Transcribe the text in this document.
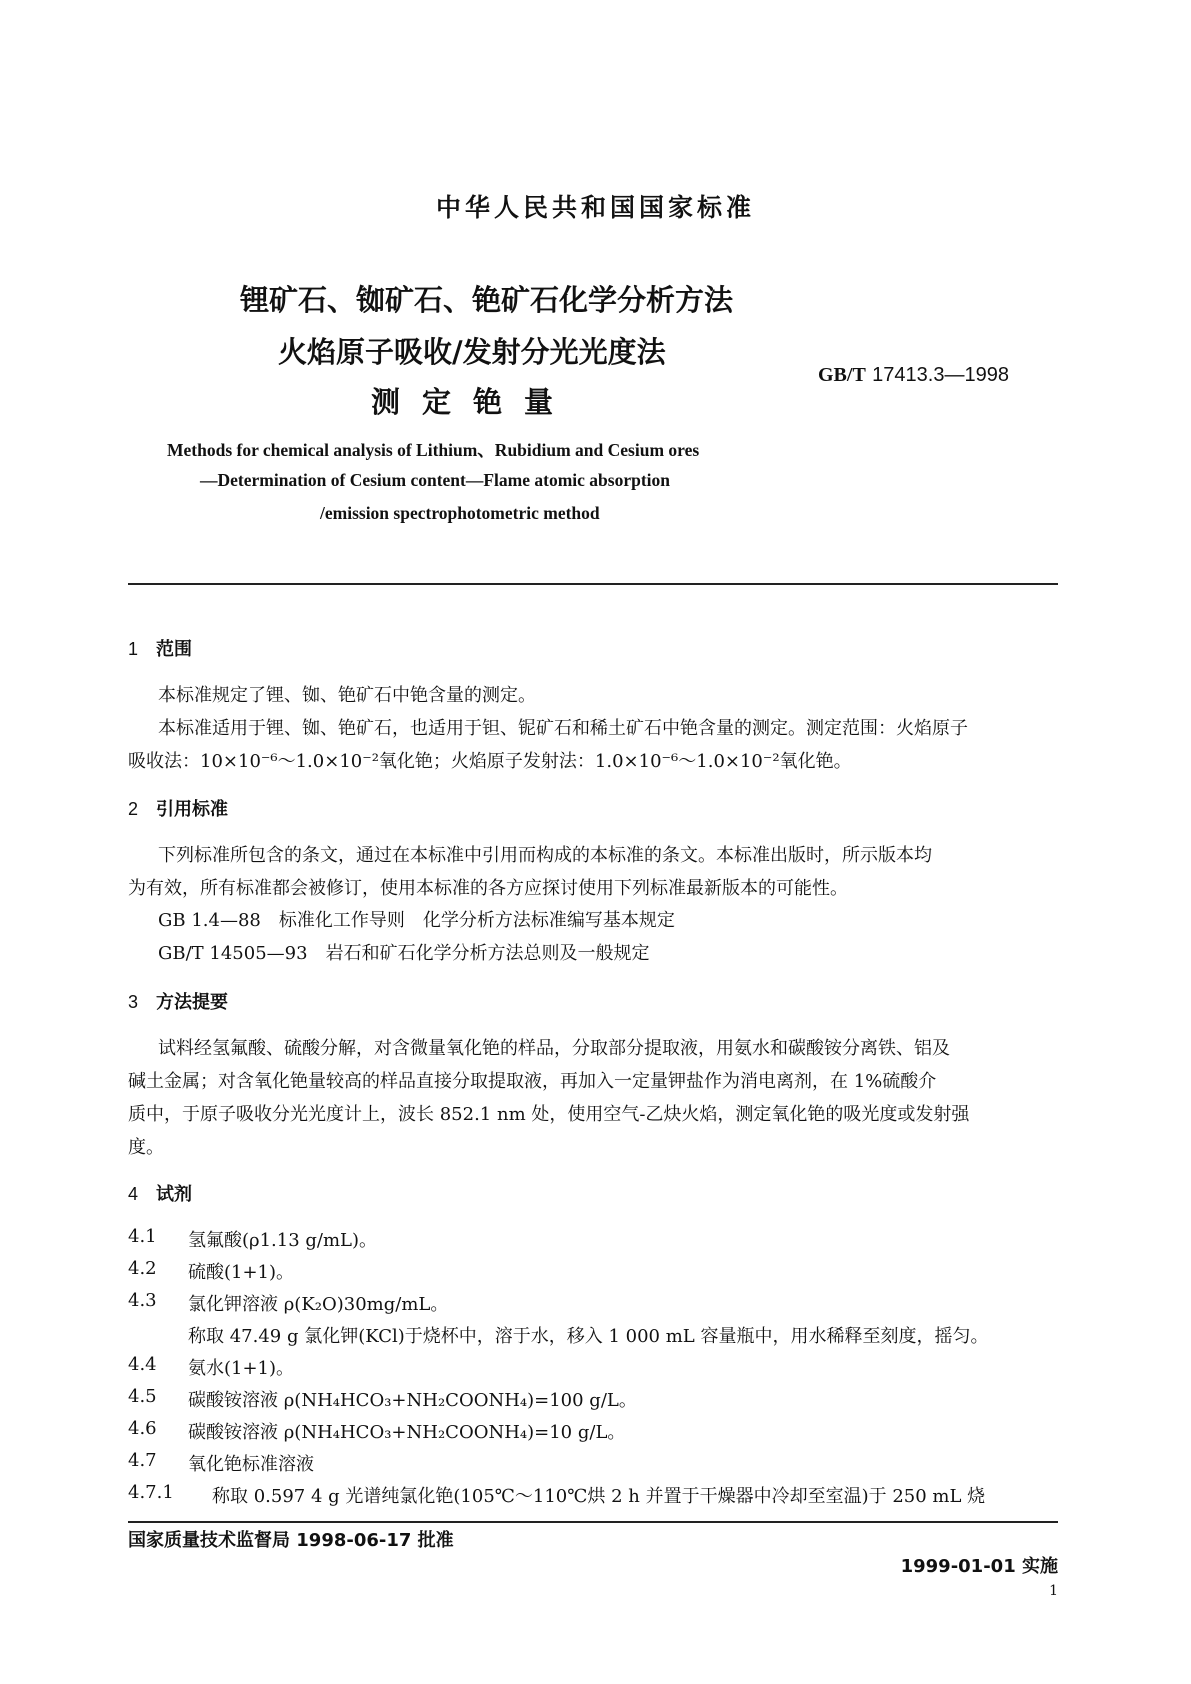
中华人民共和国国家标准
锂矿石、铷矿石、铯矿石化学分析方法
火焰原子吸收/发射分光光度法
测定铯量
GB/T 17413.3—1998
Methods for chemical analysis of Lithium、Rubidium and Cesium ores
—Determination of Cesium content—Flame atomic absorption
/emission spectrophotometric method
1 范围
本标准规定了锂、铷、铯矿石中铯含量的测定。
本标准适用于锂、铷、铯矿石，也适用于钽、铌矿石和稀土矿石中铯含量的测定。测定范围：火焰原子
吸收法：10×10⁻⁶～1.0×10⁻²氧化铯；火焰原子发射法：1.0×10⁻⁶～1.0×10⁻²氧化铯。
2 引用标准
下列标准所包含的条文，通过在本标准中引用而构成的本标准的条文。本标准出版时，所示版本均
为有效，所有标准都会被修订，使用本标准的各方应探讨使用下列标准最新版本的可能性。
GB 1.4—88　标准化工作导则　化学分析方法标准编写基本规定
GB/T 14505—93　岩石和矿石化学分析方法总则及一般规定
3 方法提要
试料经氢氟酸、硫酸分解，对含微量氧化铯的样品，分取部分提取液，用氨水和碳酸铵分离铁、铝及
碱土金属；对含氧化铯量较高的样品直接分取提取液，再加入一定量钾盐作为消电离剂，在 1%硫酸介
质中，于原子吸收分光光度计上，波长 852.1 nm 处，使用空气-乙炔火焰，测定氧化铯的吸光度或发射强
度。
4 试剂
4.1 氢氟酸(ρ1.13 g/mL)。
4.2 硫酸(1+1)。
4.3 氯化钾溶液 ρ(K₂O)30mg/mL。
称取 47.49 g 氯化钾(KCl)于烧杯中，溶于水，移入 1 000 mL 容量瓶中，用水稀释至刻度，摇匀。
4.4 氨水(1+1)。
4.5 碳酸铵溶液 ρ(NH₄HCO₃+NH₂COONH₄)=100 g/L。
4.6 碳酸铵溶液 ρ(NH₄HCO₃+NH₂COONH₄)=10 g/L。
4.7 氧化铯标准溶液
4.7.1 称取 0.597 4 g 光谱纯氯化铯(105℃～110℃烘 2 h 并置于干燥器中冷却至室温)于 250 mL 烧
国家质量技术监督局 1998-06-17 批准
1999-01-01 实施
1
